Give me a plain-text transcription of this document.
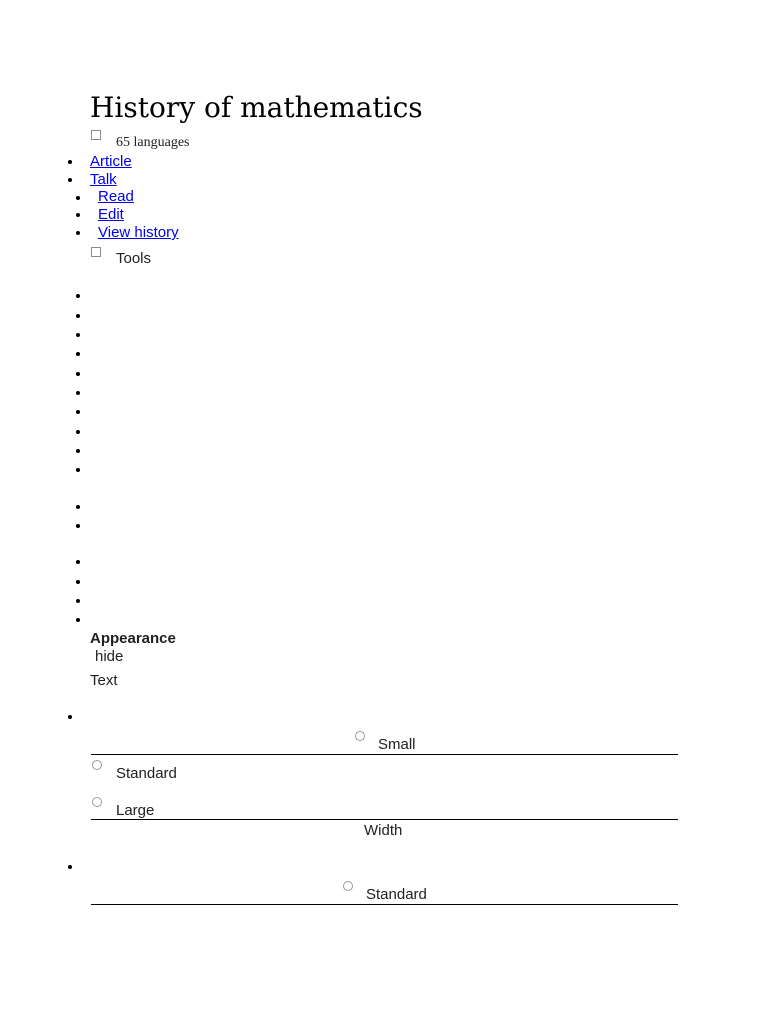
History of mathematics
65 languages
Article
Talk
Read
Edit
View history
Tools
Appearance
hide
Text
Small
Standard
Large
Width
Standard
